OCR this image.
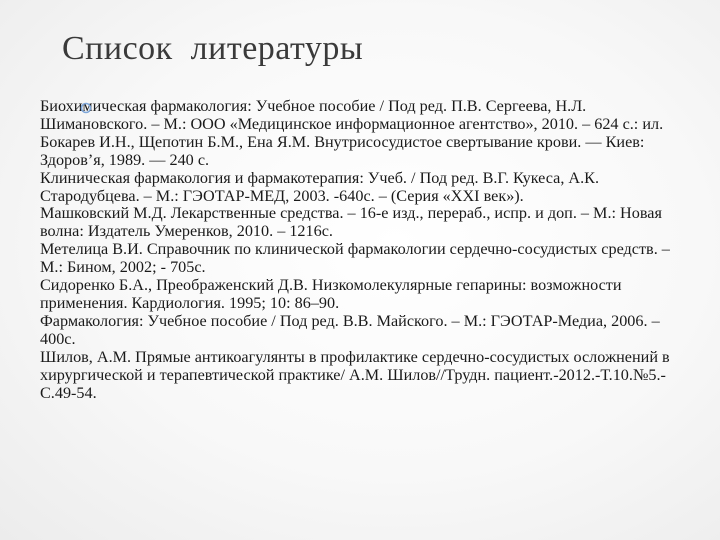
Список  литературы
Биохимическая фармакология: Учебное пособие / Под ред. П.В. Сергеева, Н.Л. Шимановского. – М.: ООО «Медицинское информационное агентство», 2010. – 624 с.: ил.
Бокарев И.Н., Щепотин Б.М., Ена Я.М. Внутрисосудистое свертывание крови. — Киев: Здоров’я, 1989. — 240 с.
Клиническая фармакология и фармакотерапия: Учеб. / Под ред. В.Г. Кукеса, А.К. Стародубцева. – М.: ГЭОТАР-МЕД, 2003. -640с. – (Серия «XXI век»).
Машковский М.Д. Лекарственные средства. – 16-е изд., перераб., испр. и доп. – М.: Новая волна: Издатель Умеренков, 2010. – 1216с.
Метелица В.И. Справочник по клинической фармакологии сердечно-сосудистых средств. – М.: Бином, 2002; - 705с.
Сидоренко Б.А., Преображенский Д.В. Низкомолекулярные гепарины: возможности применения. Кардиология. 1995; 10: 86–90.
Фармакология: Учебное пособие / Под ред. В.В. Майского. – М.: ГЭОТАР-Медиа, 2006. – 400с.
Шилов, А.М. Прямые антикоагулянты в профилактике сердечно-сосудистых осложнений в хирургической и терапевтической практике/ А.М. Шилов//Трудн. пациент.-2012.-Т.10.№5.-С.49-54.
